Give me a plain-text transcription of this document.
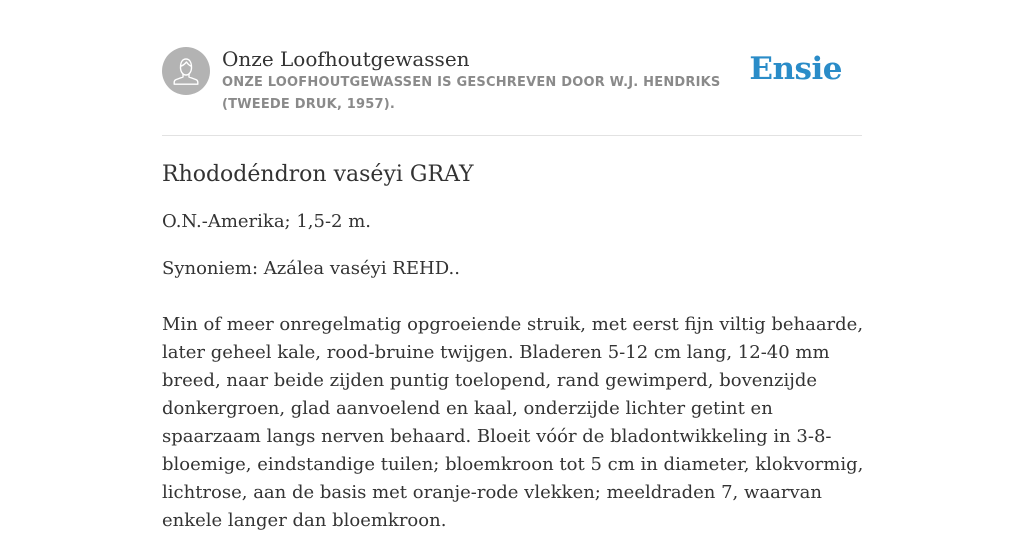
Onze Loofhoutgewassen
ONZE LOOFHOUTGEWASSEN IS GESCHREVEN DOOR W.J. HENDRIKS (TWEEDE DRUK, 1957).
Ensie
Rhododéndron vaséyi GRAY

O.N.-Amerika; 1,5-2 m.

Synoniem: Azálea vaséyi REHD..

Min of meer onregelmatig opgroeiende struik, met eerst fijn viltig behaarde, later geheel kale, rood-bruine twijgen. Bladeren 5-12 cm lang, 12-40 mm breed, naar beide zijden puntig toelopend, rand gewimperd, bovenzijde donkergroen, glad aanvoelend en kaal, onderzijde lichter getint en spaarzaam langs nerven behaard. Bloeit vóór de bladontwikkeling in 3-8-bloemige, eindstandige tuilen; bloemkroon tot 5 cm in diameter, klokvormig, lichtrose, aan de basis met oranje-rode vlekken; meeldraden 7, waarvan enkele langer dan bloemkroon.
